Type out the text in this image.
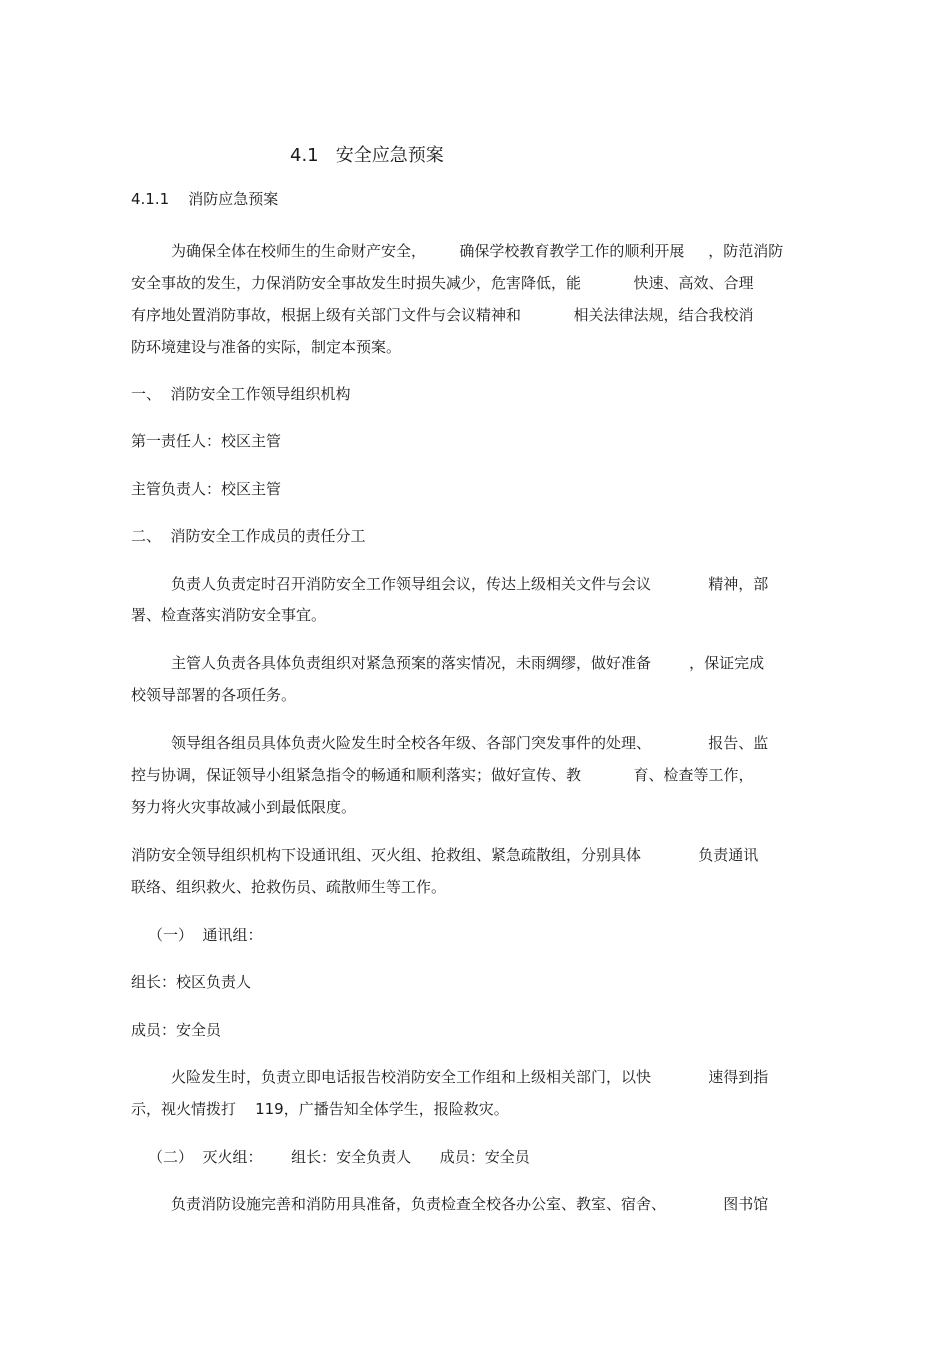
4.1   安全应急预案
4.1.1    消防应急预案
为确保全体在校师生的生命财产安全，       确保学校教育教学工作的顺利开展     ，防范消防
安全事故的发生，力保消防安全事故发生时损失减少，危害降低，能           快速、高效、合理
有序地处置消防事故，根据上级有关部门文件与会议精神和           相关法律法规，结合我校消
防环境建设与准备的实际，制定本预案。
一、  消防安全工作领导组织机构
第一责任人：校区主管
主管负责人：校区主管
二、  消防安全工作成员的责任分工
负责人负责定时召开消防安全工作领导组会议，传达上级相关文件与会议            精神，部
署、检查落实消防安全事宜。
主管人负责各具体负责组织对紧急预案的落实情况，未雨绸缪，做好准备        ，保证完成
校领导部署的各项任务。
领导组各组员具体负责火险发生时全校各年级、各部门突发事件的处理、            报告、监
控与协调，保证领导小组紧急指令的畅通和顺利落实；做好宣传、教           育、检查等工作，
努力将火灾事故减小到最低限度。
消防安全领导组织机构下设通讯组、灭火组、抢救组、紧急疏散组，分别具体            负责通讯
联络、组织救火、抢救伤员、疏散师生等工作。
（一）  通讯组：
组长：校区负责人
成员：安全员
火险发生时，负责立即电话报告校消防安全工作组和上级相关部门，以快            速得到指
示，视火情拨打    119，广播告知全体学生，报险救灾。
（二）  灭火组：      组长：安全负责人      成员：安全员
负责消防设施完善和消防用具准备，负责检查全校各办公室、教室、宿舍、            图书馆
